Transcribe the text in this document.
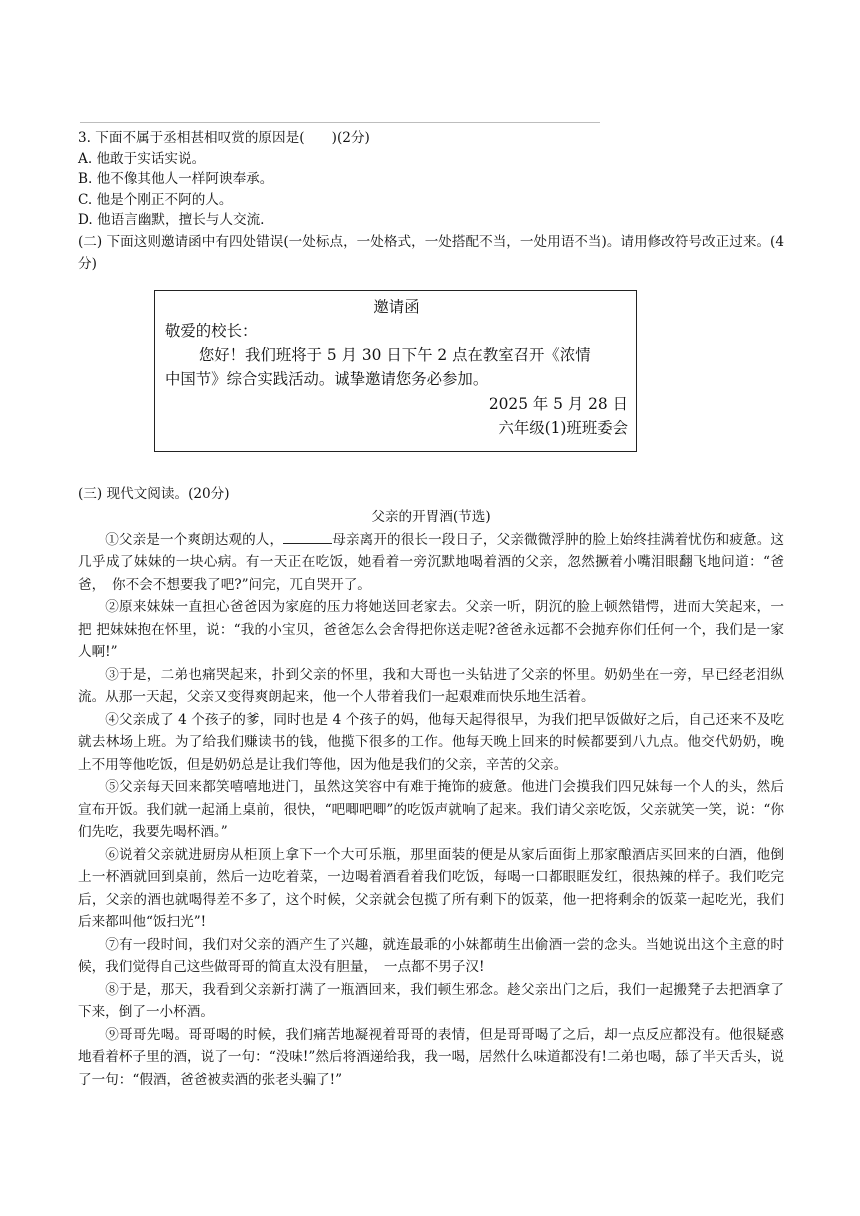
3. 下面不属于丞相甚相叹赏的原因是(　　)(2分)
A. 他敢于实话实说。
B. 他不像其他人一样阿谀奉承。
C. 他是个刚正不阿的人。
D. 他语言幽默，擅长与人交流.
(二) 下面这则邀请函中有四处错误(一处标点，一处格式，一处搭配不当，一处用语不当)。请用修改符号改正过来。(4分)
邀请函
敬爱的校长：
您好！我们班将于 5 月 30 日下午 2 点在教室召开《浓情
中国节》综合实践活动。诚挚邀请您务必参加。
2025 年 5 月 28 日
六年级(1)班班委会
(三) 现代文阅读。(20分)
父亲的开胃酒(节选)
①父亲是一个爽朗达观的人，	母亲离开的很长一段日子，父亲微微浮肿的脸上始终挂满着忧伤和疲惫。这几乎成了妹妹的一块心病。有一天正在吃饭，她看着一旁沉默地喝着酒的父亲，忽然撅着小嘴泪眼翻飞地问道：“爸爸，　你不会不想要我了吧?”问完，兀自哭开了。
②原来妹妹一直担心爸爸因为家庭的压力将她送回老家去。父亲一听，阴沉的脸上顿然错愕，进而大笑起来，一把 把妹妹抱在怀里，说：“我的小宝贝，爸爸怎么会舍得把你送走呢?爸爸永远都不会抛弃你们任何一个，我们是一家人啊!”
③于是，二弟也痛哭起来，扑到父亲的怀里，我和大哥也一头钻进了父亲的怀里。奶奶坐在一旁，早已经老泪纵流。从那一天起，父亲又变得爽朗起来，他一个人带着我们一起艰难而快乐地生活着。
④父亲成了 4 个孩子的爹，同时也是 4 个孩子的妈，他每天起得很早，为我们把早饭做好之后，自己还来不及吃就去林场上班。为了给我们赚读书的钱，他揽下很多的工作。他每天晚上回来的时候都要到八九点。他交代奶奶，晚上不用等他吃饭，但是奶奶总是让我们等他，因为他是我们的父亲，辛苦的父亲。
⑤父亲每天回来都笑嘻嘻地进门，虽然这笑容中有难于掩饰的疲惫。他进门会摸我们四兄妹每一个人的头，然后宣布开饭。我们就一起涌上桌前，很快，“吧唧吧唧”的吃饭声就响了起来。我们请父亲吃饭，父亲就笑一笑，说：“你们先吃，我要先喝杯酒。”
⑥说着父亲就进厨房从柜顶上拿下一个大可乐瓶，那里面装的便是从家后面街上那家酿酒店买回来的白酒，他倒上一杯酒就回到桌前，然后一边吃着菜，一边喝着酒看着我们吃饭，每喝一口都眼眶发红，很热辣的样子。我们吃完后，父亲的酒也就喝得差不多了，这个时候，父亲就会包揽了所有剩下的饭菜，他一把将剩余的饭菜一起吃光，我们后来都叫他“饭扫光”!
⑦有一段时间，我们对父亲的酒产生了兴趣，就连最乖的小妹都萌生出偷酒一尝的念头。当她说出这个主意的时候，我们觉得自己这些做哥哥的简直太没有胆量，　一点都不男子汉!
⑧于是，那天，我看到父亲新打满了一瓶酒回来，我们顿生邪念。趁父亲出门之后，我们一起搬凳子去把酒拿了下来，倒了一小杯酒。
⑨哥哥先喝。哥哥喝的时候，我们痛苦地凝视着哥哥的表情，但是哥哥喝了之后，却一点反应都没有。他很疑惑地看着杯子里的酒，说了一句：“没味!”然后将酒递给我，我一喝，居然什么味道都没有!二弟也喝，舔了半天舌头，说了一句：“假酒，爸爸被卖酒的张老头骗了!”
